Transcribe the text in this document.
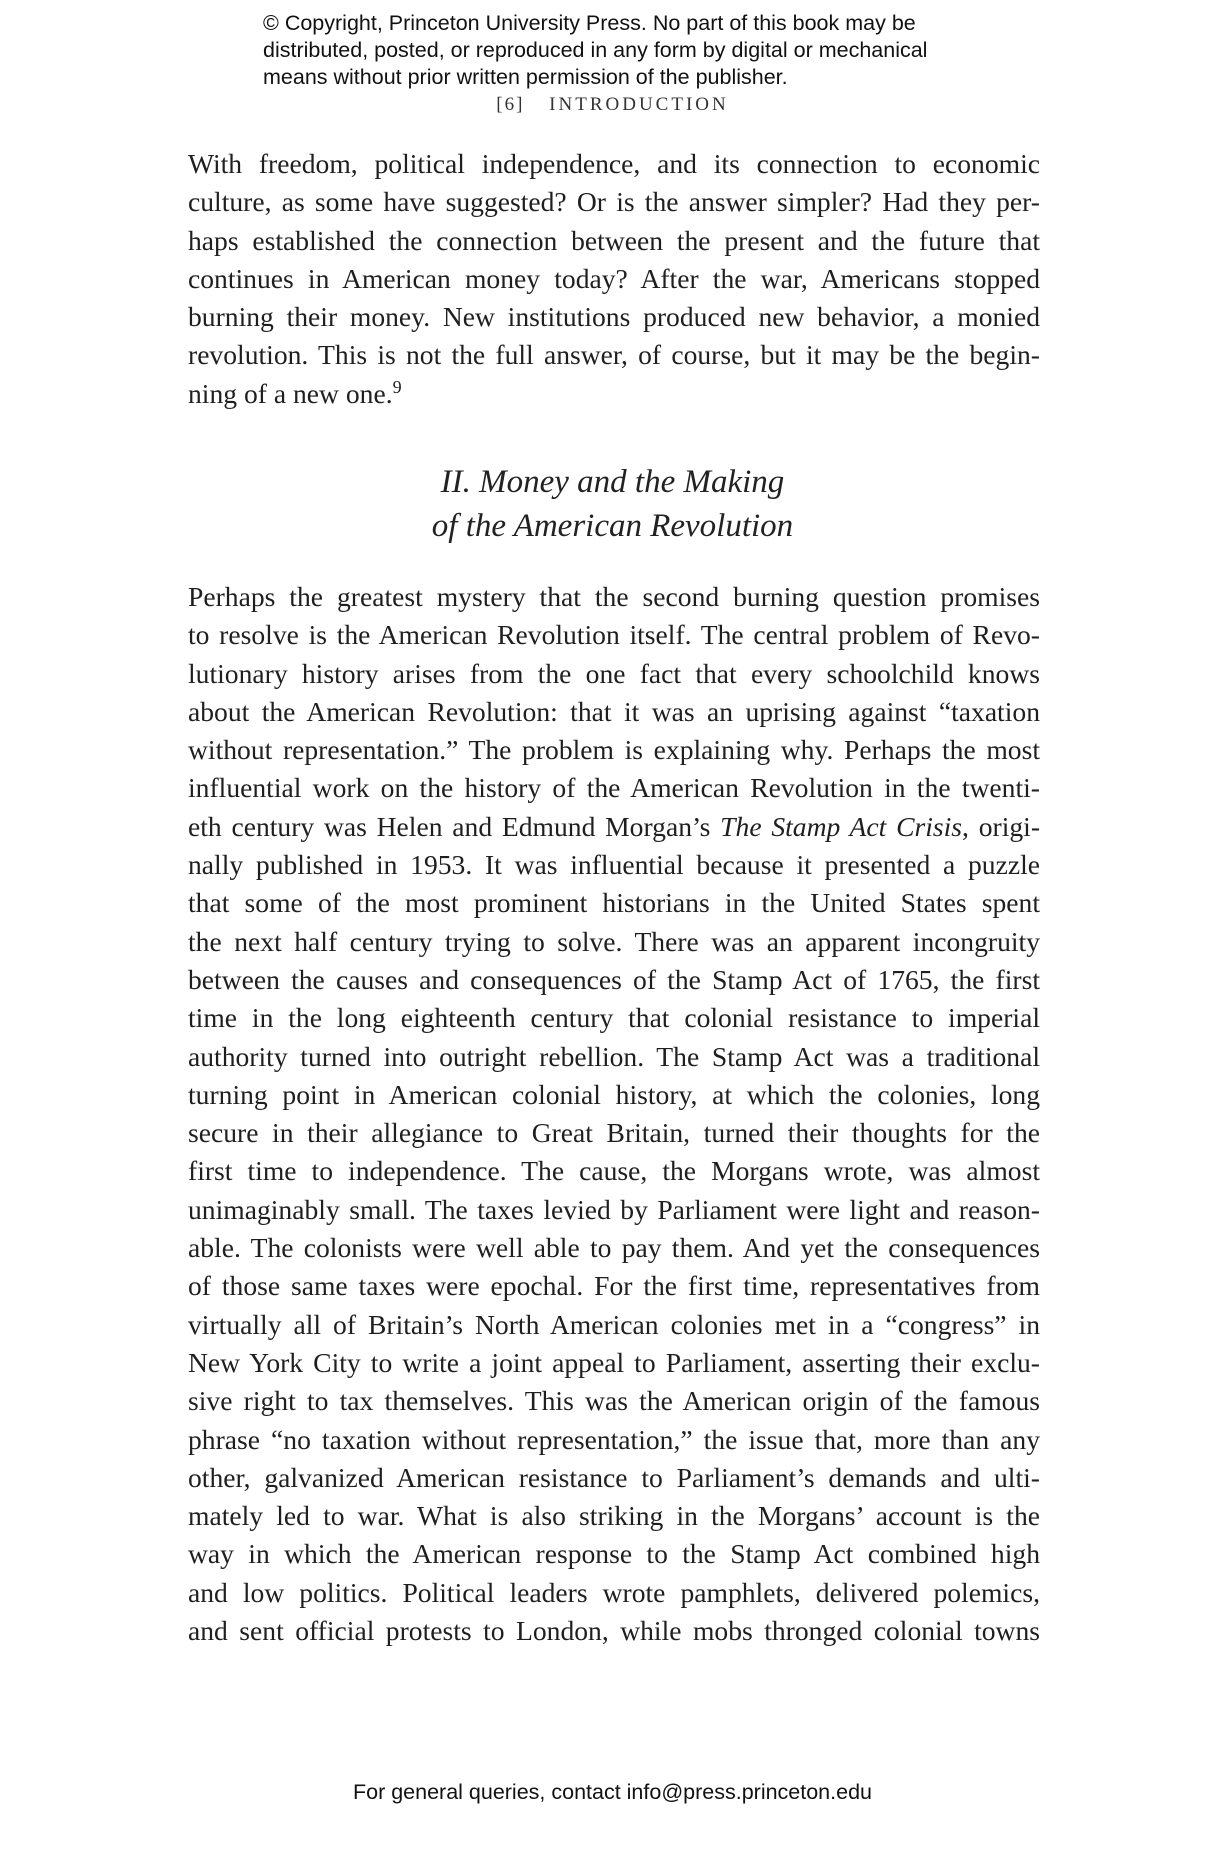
© Copyright, Princeton University Press. No part of this book may be
distributed, posted, or reproduced in any form by digital or mechanical
means without prior written permission of the publisher.
[6] INTRODUCTION
With freedom, political independence, and its connection to economic
culture, as some have suggested? Or is the answer simpler? Had they per-
haps established the connection between the present and the future that
continues in American money today? After the war, Americans stopped
burning their money. New institutions produced new behavior, a monied
revolution. This is not the full answer, of course, but it may be the begin-
ning of a new one.$^9$
II. Money and the Making
of the American Revolution
Perhaps the greatest mystery that the second burning question promises
to resolve is the American Revolution itself. The central problem of Revo-
lutionary history arises from the one fact that every schoolchild knows
about the American Revolution: that it was an uprising against “taxation
without representation.” The problem is explaining why. Perhaps the most
influential work on the history of the American Revolution in the twenti-
eth century was Helen and Edmund Morgan’s The Stamp Act Crisis, origi-
nally published in 1953. It was influential because it presented a puzzle
that some of the most prominent historians in the United States spent
the next half century trying to solve. There was an apparent incongruity
between the causes and consequences of the Stamp Act of 1765, the first
time in the long eighteenth century that colonial resistance to imperial
authority turned into outright rebellion. The Stamp Act was a traditional
turning point in American colonial history, at which the colonies, long
secure in their allegiance to Great Britain, turned their thoughts for the
first time to independence. The cause, the Morgans wrote, was almost
unimaginably small. The taxes levied by Parliament were light and reason-
able. The colonists were well able to pay them. And yet the consequences
of those same taxes were epochal. For the first time, representatives from
virtually all of Britain’s North American colonies met in a “congress” in
New York City to write a joint appeal to Parliament, asserting their exclu-
sive right to tax themselves. This was the American origin of the famous
phrase “no taxation without representation,” the issue that, more than any
other, galvanized American resistance to Parliament’s demands and ulti-
mately led to war. What is also striking in the Morgans’ account is the
way in which the American response to the Stamp Act combined high
and low politics. Political leaders wrote pamphlets, delivered polemics,
and sent official protests to London, while mobs thronged colonial towns
For general queries, contact info@press.princeton.edu
